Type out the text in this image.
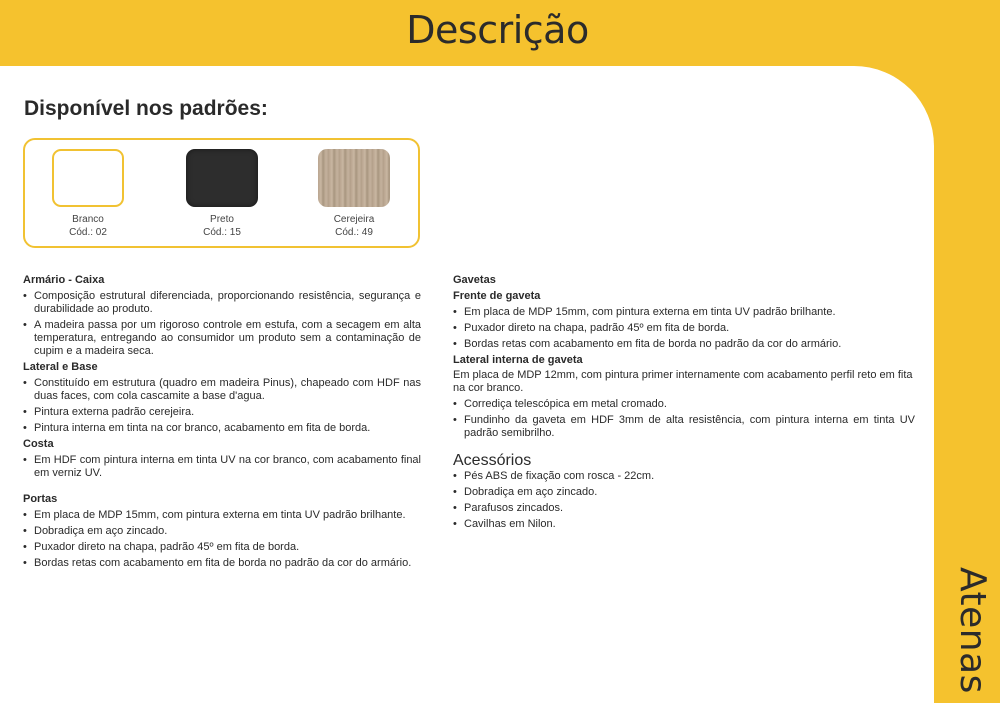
Descrição
Atenas
Disponível nos padrões:
Branco
Cód.: 02
Preto
Cód.: 15
Cerejeira
Cód.: 49
Armário - Caixa
• Composição estrutural diferenciada, proporcionando resistência, segurança e durabilidade ao produto.
• A madeira passa por um rigoroso controle em estufa, com a secagem em alta temperatura, entregando ao consumidor um produto sem a contaminação de cupim e a madeira seca.
Lateral e Base
• Constituído em estrutura (quadro em madeira Pinus), chapeado com HDF nas duas faces, com cola cascamite a base d'agua.
• Pintura externa padrão cerejeira.
• Pintura interna em tinta na cor branco, acabamento em fita de borda.
Costa
• Em HDF com pintura interna em tinta UV na cor branco, com acabamento final em verniz UV.
Portas
• Em placa de MDP 15mm, com pintura externa em tinta UV padrão brilhante.
• Dobradiça em aço zincado.
• Puxador direto na chapa, padrão 45º em fita de borda.
• Bordas retas com acabamento em fita de borda no padrão da cor do armário.
Gavetas
Frente de gaveta
• Em placa de MDP 15mm, com pintura externa em tinta UV padrão brilhante.
• Puxador direto na chapa, padrão 45º em fita de borda.
• Bordas retas com acabamento em fita de borda no padrão da cor do armário.
Lateral interna de gaveta

Em placa de MDP 12mm, com pintura primer internamente com acabamento perfil reto em fita na cor branco.

• Corrediça telescópica em metal cromado.
• Fundinho da gaveta em HDF 3mm de alta resistência, com pintura interna em tinta UV padrão semibrilho.
Acessórios
• Pés ABS de fixação com rosca - 22cm.
• Dobradiça em aço zincado.
• Parafusos zincados.
• Cavilhas em Nilon.
